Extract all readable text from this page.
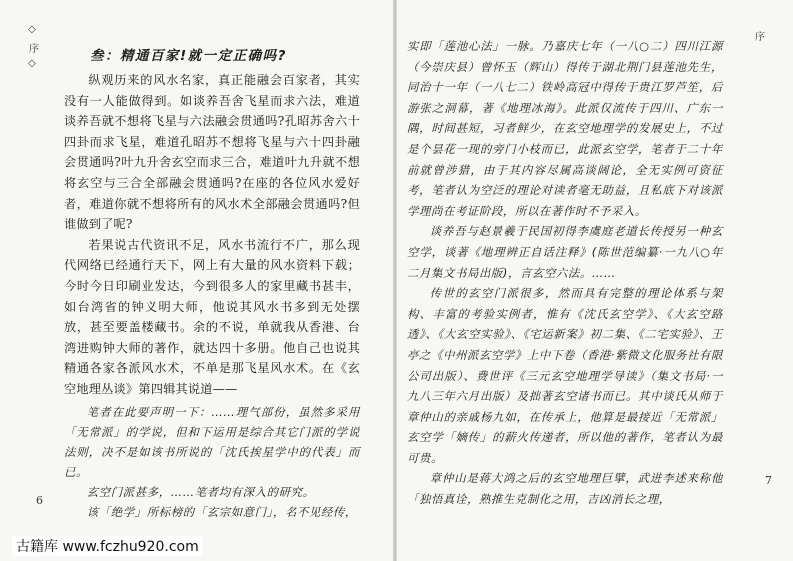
◇
序
◇	叁：精通百家!就一定正确吗?

纵观历来的风水名家，真正能融会百家者，其实没有一人能做得到。如谈养吾舍飞星而求六法，难道谈养吾就不想将飞星与六法融会贯通吗?孔昭苏舍六十四卦而求飞星，难道孔昭苏不想将飞星与六十四卦融会贯通吗?叶九升舍玄空而求三合，难道叶九升就不想将玄空与三合全部融会贯通吗?在座的各位风水爱好者，难道你就不想将所有的风水术全部融会贯通吗?但谁做到了呢?

若果说古代资讯不足，风水书流行不广，那么现代网络已经通行天下，网上有大量的风水资料下载；今时今日印刷业发达，今到很多人的家里藏书甚丰，如台湾省的钟义明大师，他说其风水书多到无处摆放，甚至要盖楼藏书。余的不说，单就我从香港、台湾进购钟大师的著作，就达四十多册。他自己也说其精通各家各派风水术，不单是那飞星风水术。在《玄空地理丛谈》第四辑其说道——

笔者在此要声明一下：……理气部份，虽然多采用「无常派」的学说，但和下运用是综合其它门派的学说法则，决不是如该书所说的「沈氏挨星学中的代表」而已。

玄空门派甚多，……笔者均有深入的研究。

该「绝学」所标榜的「玄宗如意门」，名不见经传，

6
古籍库 www.fczhu920.com
序

实即「莲池心法」一脉。乃嘉庆七年（一八○二）四川江源（今崇庆县）曾怀玉（辉山）得传于湖北荆门县莲池先生，同治十一年（一八七二）铁岭高冠中得传于贵江罗芦笙，后游张之洞幕，著《地理冰海》。此派仅流传于四川、广东一隅，时间甚短，习者鲜少，在玄空地理学的发展史上，不过是个昙花一现的旁门小枝而已，此派玄空学，笔者于二十年前就曾涉猎，由于其内容尽属高谈阔论，全无实例可资征考，笔者认为空泛的理论对读者毫无助益，且私底下对该派学理尚在考证阶段，所以在著作时不予采入。

谈养吾与赵景羲于民国初得李虞庭老道长传授另一种玄空学，谈著《地理辨正自话注释》(陈世范编纂·一九八○年二月集文书局出版)，言玄空六法。……

传世的玄空门派很多，然而具有完整的理论体系与架构、丰富的考验实例者，惟有《沈氏玄空学》、《大玄空路透》、《大玄空实验》、《宅运新案》初二集、《二宅实验》、王亭之《中州派玄空学》上中下卷（香港·紫微文化服务社有限公司出版）、费世评《三元玄空地理学导读》（集文书局·一九八三年六月出版）及拙著玄空诸书而已。其中谈氏从师于章仲山的亲戚杨九如，在传承上，他算是最接近「无常派」玄空学「嫡传」的薪火传递者，所以他的著作，笔者认为最可贵。

章仲山是蒋大鸿之后的玄空地理巨擘，武进李述来称他「独悟真诠，熟推生克制化之用，吉凶消长之理，

7
